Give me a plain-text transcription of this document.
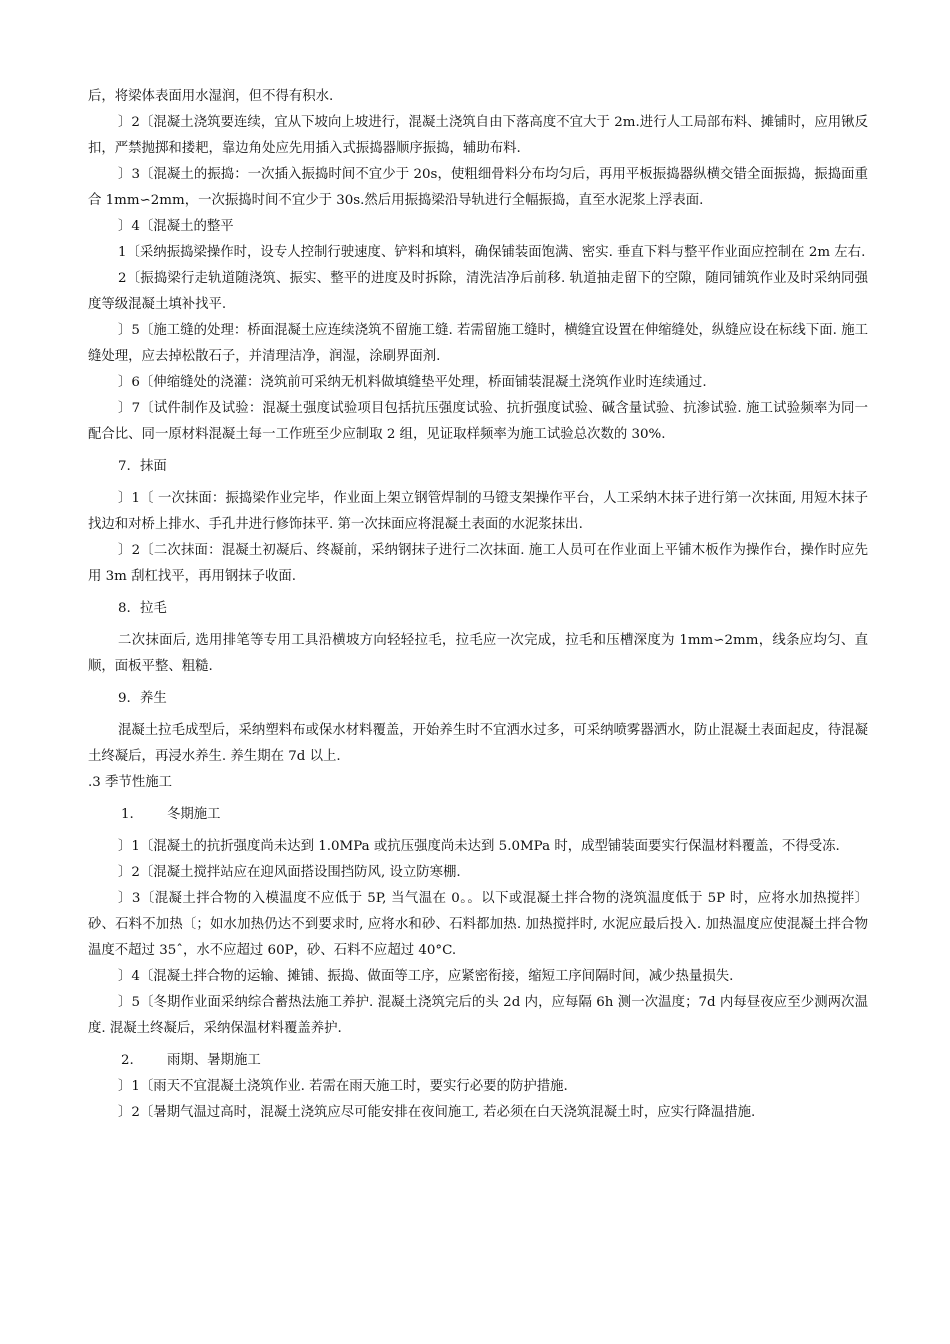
后，将梁体表面用水湿润，但不得有积水.

〕2〔混凝土浇筑要连续，宜从下坡向上坡进行，混凝土浇筑自由下落高度不宜大于 2m.进行人工局部布料、摊铺时，应用锹反扣，严禁抛掷和搂耙，靠边角处应先用插入式振捣器顺序振捣，辅助布料.

〕3〔混凝土的振捣：一次插入振捣时间不宜少于 20s，使粗细骨料分布均匀后，再用平板振捣器纵横交错全面振捣，振捣面重合 1mm∽2mm，一次振捣时间不宜少于 30s.然后用振捣梁沿导轨进行全幅振捣，直至水泥浆上浮表面.

〕4〔混凝土的整平

1〔采纳振捣梁操作时，设专人控制行驶速度、铲料和填料，确保铺装面饱满、密实. 垂直下料与整平作业面应控制在 2m 左右.

2〔振捣梁行走轨道随浇筑、振实、整平的进度及时拆除，清洗洁净后前移. 轨道抽走留下的空隙，随同铺筑作业及时采纳同强度等级混凝土填补找平.

〕5〔施工缝的处理：桥面混凝土应连续浇筑不留施工缝. 若需留施工缝时，横缝宜设置在伸缩缝处，纵缝应设在标线下面. 施工缝处理，应去掉松散石子，并清理洁净，润湿，涂刷界面剂.

〕6〔伸缩缝处的浇灌：浇筑前可采纳无机料做填缝垫平处理，桥面铺装混凝土浇筑作业时连续通过.

〕7〔试件制作及试验：混凝土强度试验项目包括抗压强度试验、抗折强度试验、碱含量试验、抗渗试验. 施工试验频率为同一配合比、同一原材料混凝土每一工作班至少应制取 2 组，见证取样频率为施工试验总次数的 30%.

7. 抹面

〕1〔 一次抹面：振捣梁作业完毕，作业面上架立钢管焊制的马镫支架操作平台，人工采纳木抹子进行第一次抹面, 用短木抹子找边和对桥上排水、手孔井进行修饰抹平. 第一次抹面应将混凝土表面的水泥浆抹出.

〕2〔二次抹面：混凝土初凝后、终凝前，采纳钢抹子进行二次抹面. 施工人员可在作业面上平铺木板作为操作台，操作时应先用 3m 刮杠找平，再用钢抹子收面.

8. 拉毛

二次抹面后, 选用排笔等专用工具沿横坡方向轻轻拉毛，拉毛应一次完成，拉毛和压槽深度为 1mm∽2mm，线条应均匀、直顺，面板平整、粗糙.

9. 养生

混凝土拉毛成型后，采纳塑料布或保水材料覆盖，开始养生时不宜洒水过多，可采纳喷雾器洒水，防止混凝土表面起皮，待混凝土终凝后，再浸水养生. 养生期在 7d 以上.

.3 季节性施工

1. 冬期施工

〕1〔混凝土的抗折强度尚未达到 1.0MPa 或抗压强度尚未达到 5.0MPa 时，成型铺装面要实行保温材料覆盖，不得受冻.

〕2〔混凝土搅拌站应在迎风面搭设围挡防风, 设立防寒棚.

〕3〔混凝土拌合物的入模温度不应低于 5P, 当气温在 0。。以下或混凝土拌合物的浇筑温度低于 5P 时，应将水加热搅拌〕砂、石料不加热〔；如水加热仍达不到要求时, 应将水和砂、石料都加热. 加热搅拌时, 水泥应最后投入. 加热温度应使混凝土拌合物温度不超过 35ˆ，水不应超过 60P，砂、石料不应超过 40°C.

〕4〔混凝土拌合物的运输、摊铺、振捣、做面等工序，应紧密衔接，缩短工序间隔时间，减少热量损失.

〕5〔冬期作业面采纳综合蓄热法施工养护. 混凝土浇筑完后的头 2d 内，应每隔 6h 测一次温度；7d 内每昼夜应至少测两次温度. 混凝土终凝后，采纳保温材料覆盖养护.

2. 雨期、暑期施工

〕1〔雨天不宜混凝土浇筑作业. 若需在雨天施工时，要实行必要的防护措施.

〕2〔暑期气温过高时，混凝土浇筑应尽可能安排在夜间施工, 若必须在白天浇筑混凝土时，应实行降温措施.
